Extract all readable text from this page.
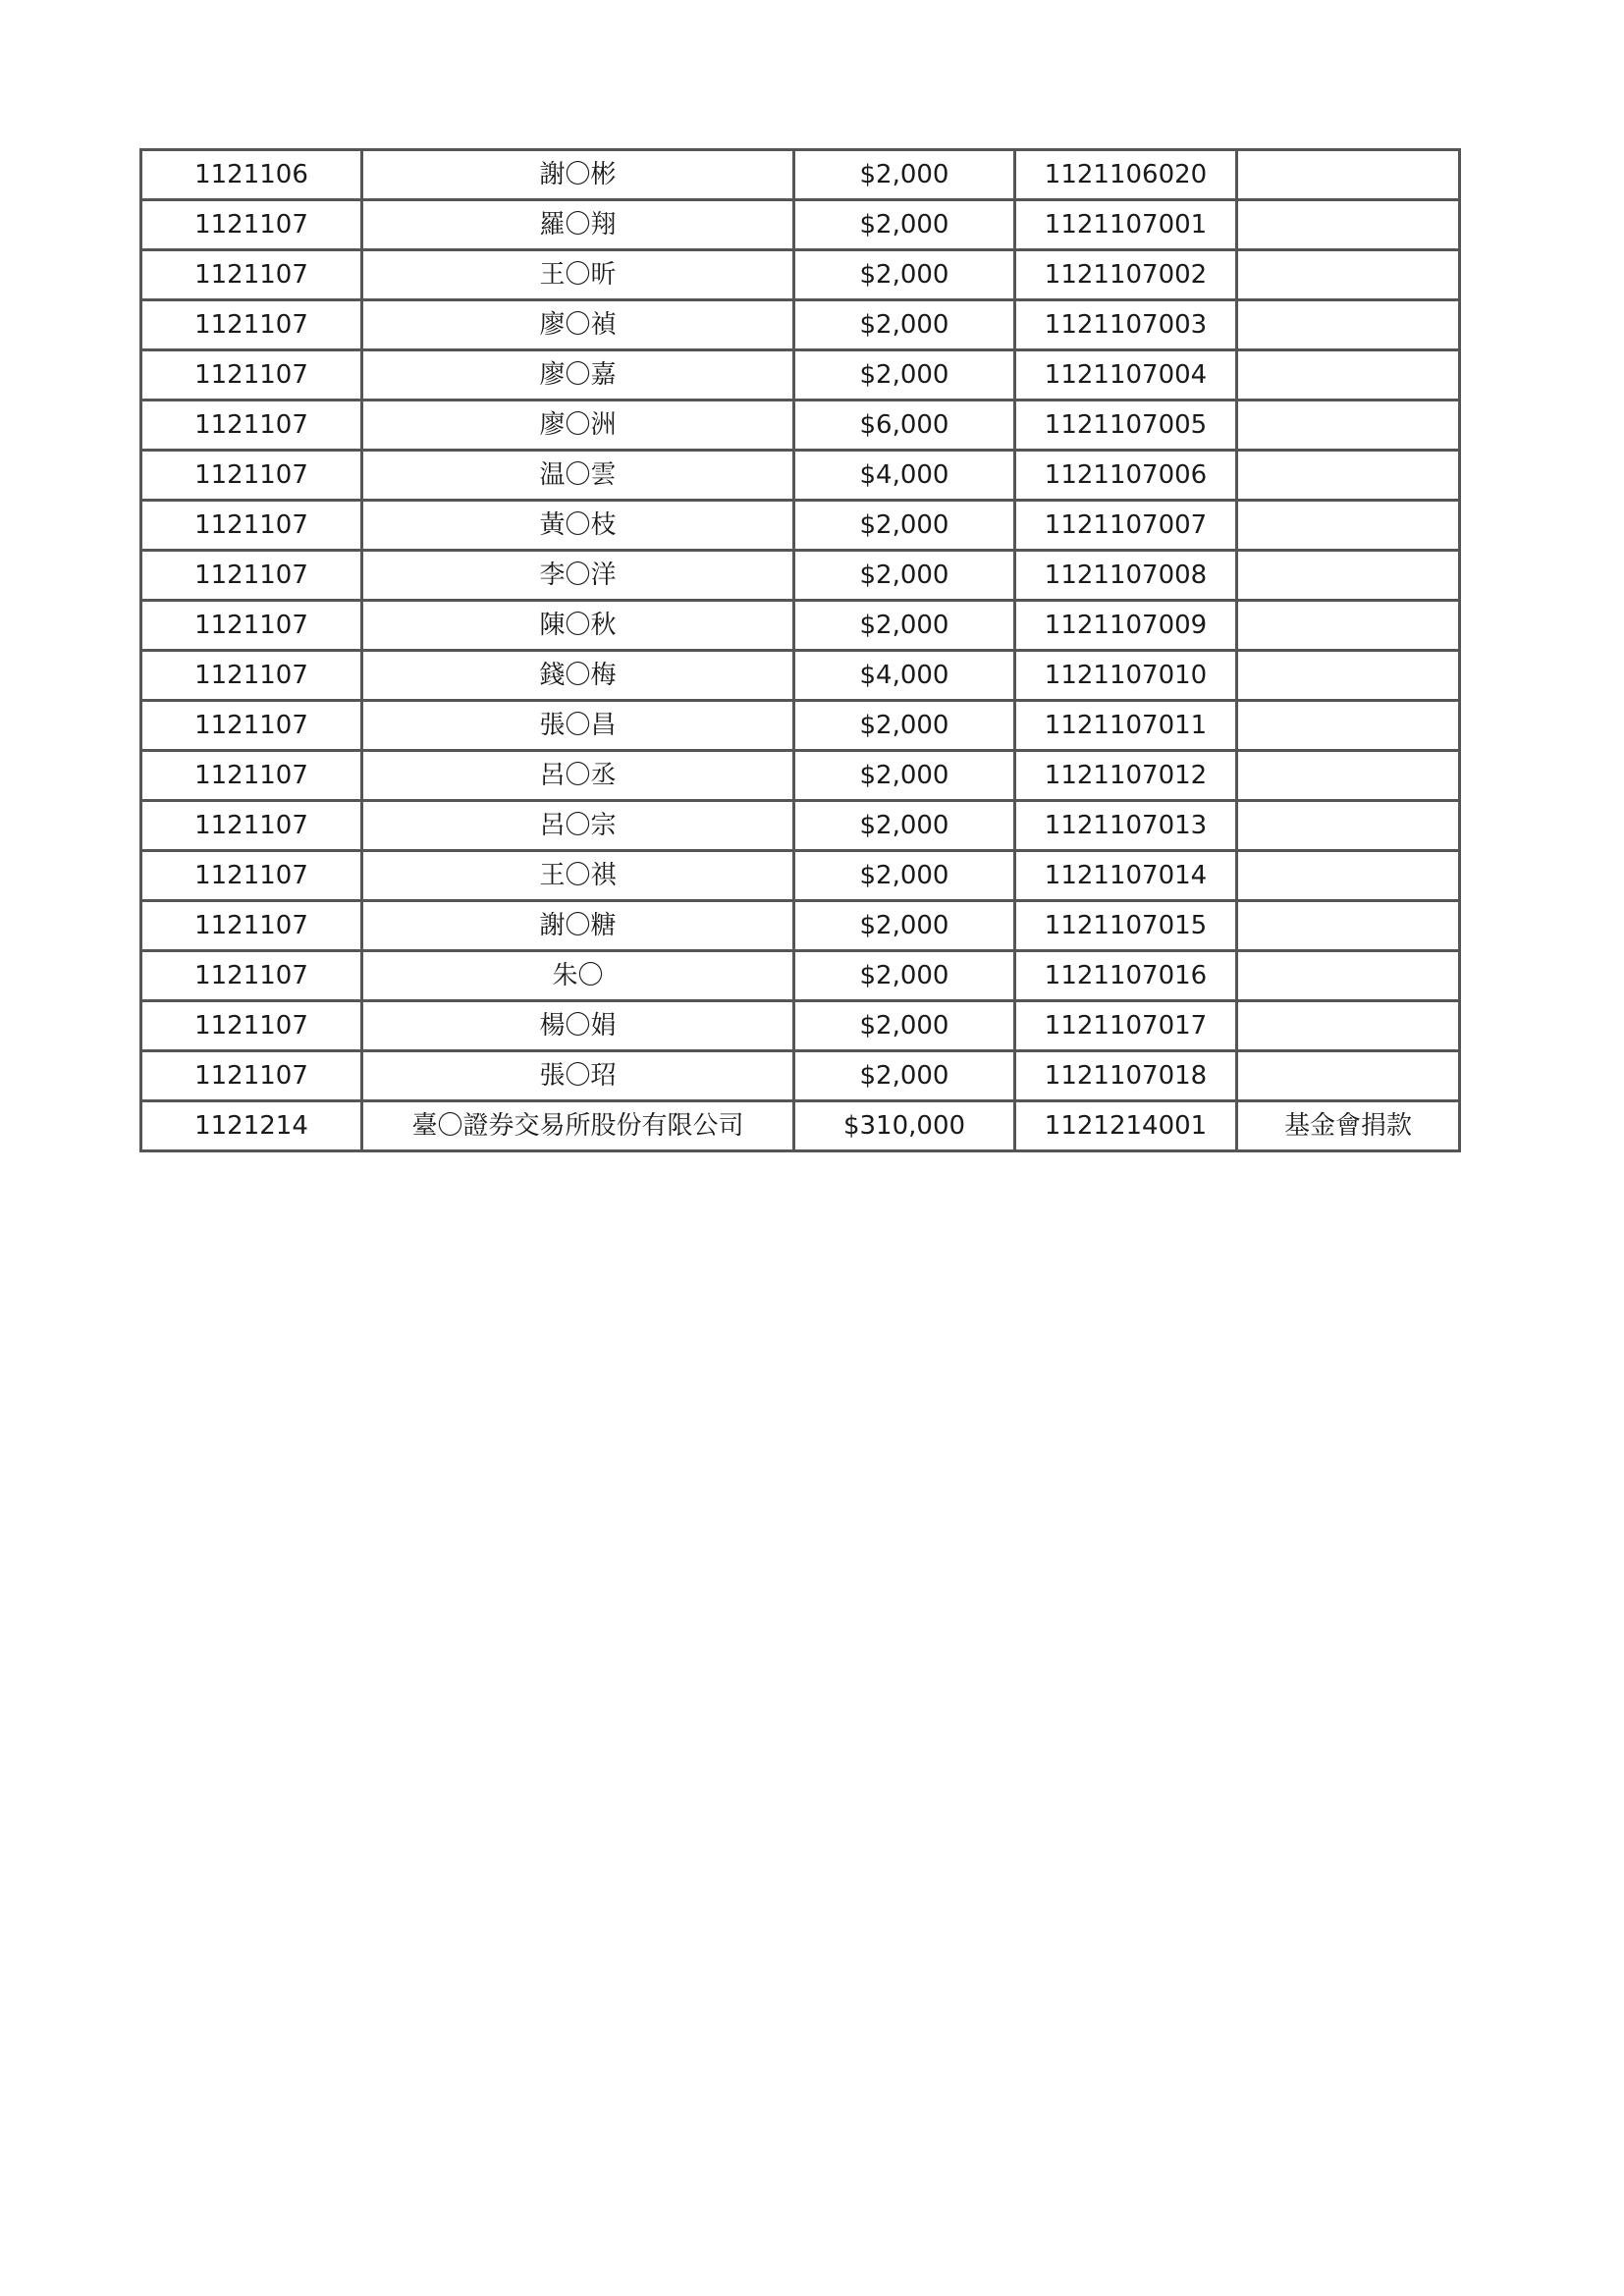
1121106	謝〇彬	$2,000	1121106020	
1121107	羅〇翔	$2,000	1121107001	
1121107	王〇昕	$2,000	1121107002	
1121107	廖〇禎	$2,000	1121107003	
1121107	廖〇嘉	$2,000	1121107004	
1121107	廖〇洲	$6,000	1121107005	
1121107	温〇雲	$4,000	1121107006	
1121107	黃〇枝	$2,000	1121107007	
1121107	李〇洋	$2,000	1121107008	
1121107	陳〇秋	$2,000	1121107009	
1121107	錢〇梅	$4,000	1121107010	
1121107	張〇昌	$2,000	1121107011	
1121107	呂〇丞	$2,000	1121107012	
1121107	呂〇宗	$2,000	1121107013	
1121107	王〇祺	$2,000	1121107014	
1121107	謝〇糖	$2,000	1121107015	
1121107	朱〇	$2,000	1121107016	
1121107	楊〇娟	$2,000	1121107017	
1121107	張〇玿	$2,000	1121107018	
1121214	臺〇證券交易所股份有限公司	$310,000	1121214001	基金會捐款
